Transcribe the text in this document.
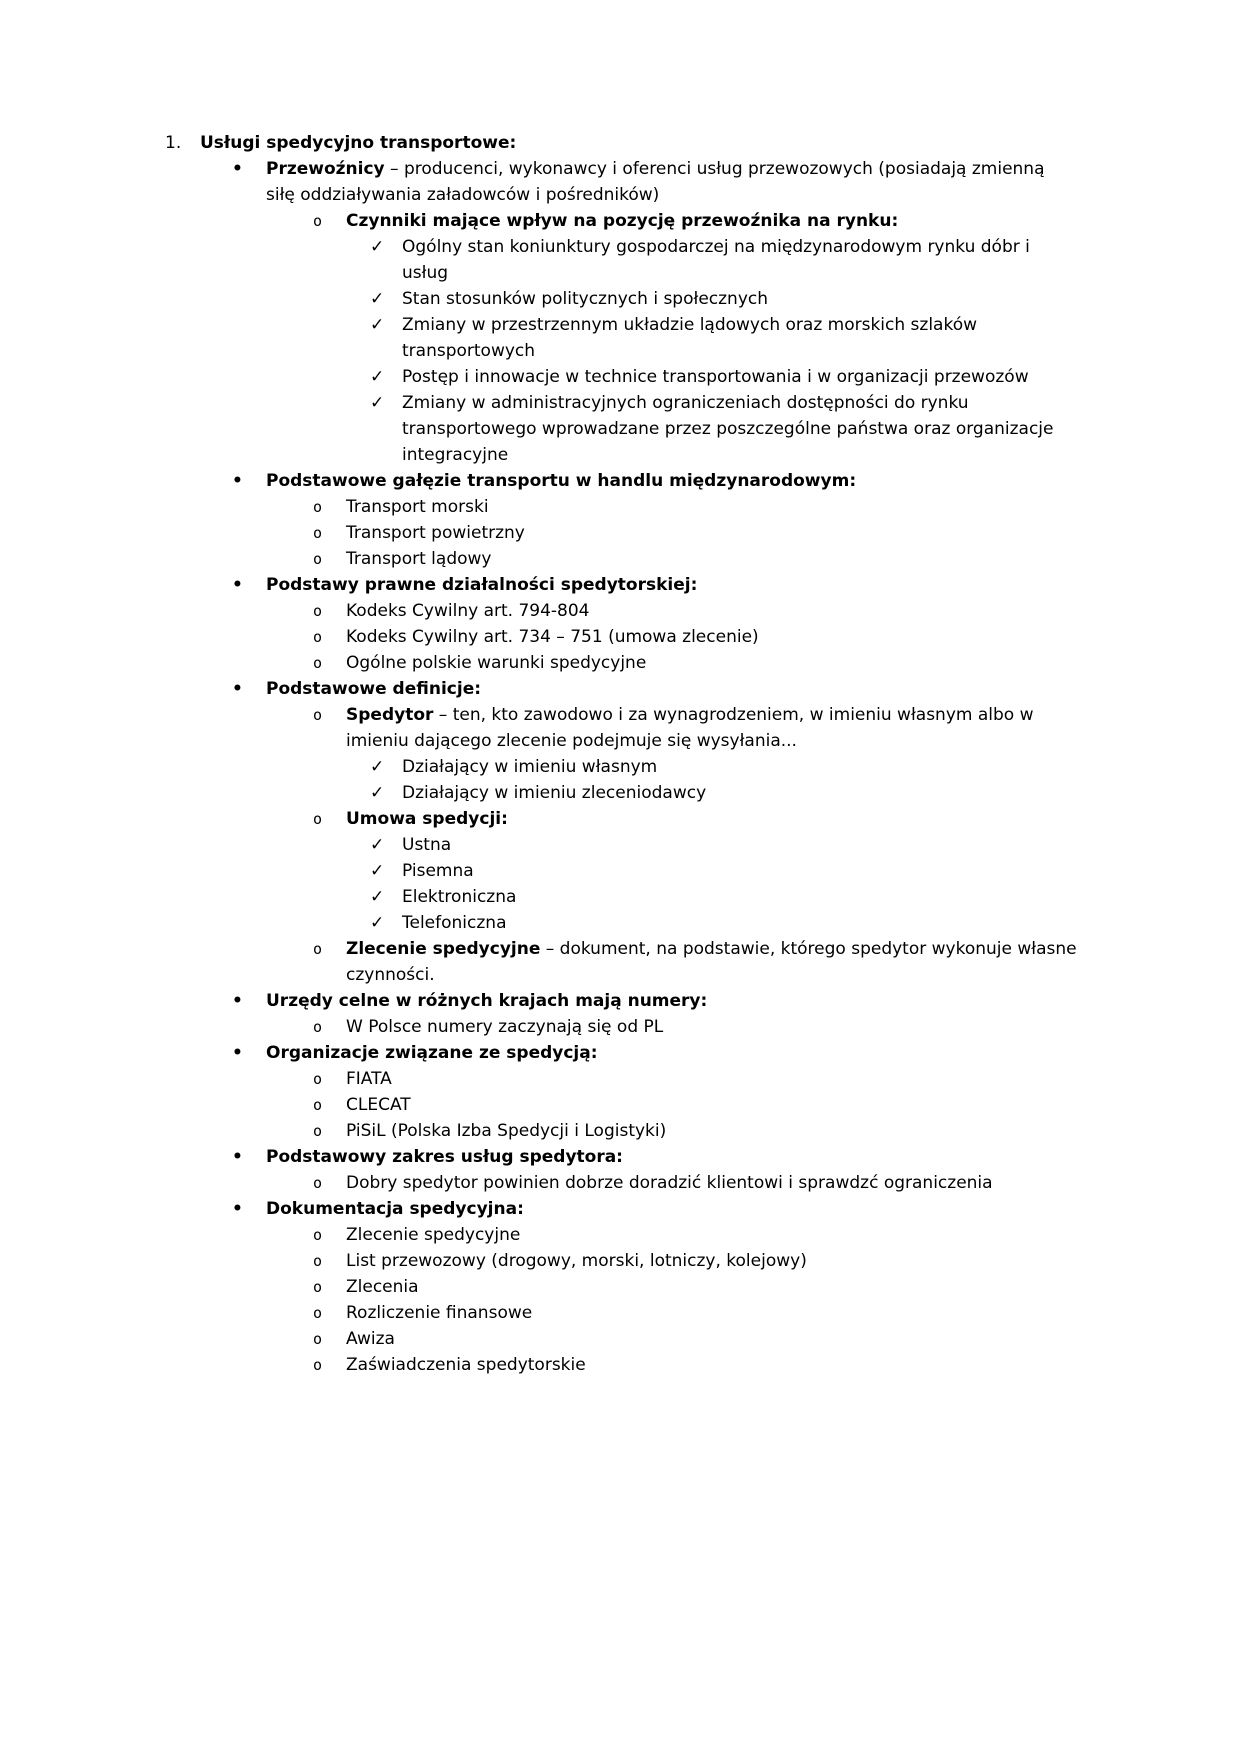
1.	Usługi spedycyjno transportowe:
•	Przewoźnicy – producenci, wykonawcy i oferenci usług przewozowych (posiadają zmienną siłę oddziaływania załadowców i pośredników)
o	Czynniki mające wpływ na pozycję przewoźnika na rynku:
✓	Ogólny stan koniunktury gospodarczej na międzynarodowym rynku dóbr i usług
✓	Stan stosunków politycznych i społecznych
✓	Zmiany w przestrzennym układzie lądowych oraz morskich szlaków transportowych
✓	Postęp i innowacje w technice transportowania i w organizacji przewozów
✓	Zmiany w administracyjnych ograniczeniach dostępności do rynku transportowego wprowadzane przez poszczególne państwa oraz organizacje integracyjne
•	Podstawowe gałęzie transportu w handlu międzynarodowym:
o	Transport morski
o	Transport powietrzny
o	Transport lądowy
•	Podstawy prawne działalności spedytorskiej:
o	Kodeks Cywilny art. 794-804
o	Kodeks Cywilny art. 734 – 751 (umowa zlecenie)
o	Ogólne polskie warunki spedycyjne
•	Podstawowe definicje:
o	Spedytor – ten, kto zawodowo i za wynagrodzeniem, w imieniu własnym albo w imieniu dającego zlecenie podejmuje się wysyłania...
✓	Działający w imieniu własnym
✓	Działający w imieniu zleceniodawcy
o	Umowa spedycji:
✓	Ustna
✓	Pisemna
✓	Elektroniczna
✓	Telefoniczna
o	Zlecenie spedycyjne – dokument, na podstawie, którego spedytor wykonuje własne czynności.
•	Urzędy celne w różnych krajach mają numery:
o	W Polsce numery zaczynają się od PL
•	Organizacje związane ze spedycją:
o	FIATA
o	CLECAT
o	PiSiL (Polska Izba Spedycji i Logistyki)
•	Podstawowy zakres usług spedytora:
o	Dobry spedytor powinien dobrze doradzić klientowi i sprawdzć ograniczenia
•	Dokumentacja spedycyjna:
o	Zlecenie spedycyjne
o	List przewozowy (drogowy, morski, lotniczy, kolejowy)
o	Zlecenia
o	Rozliczenie finansowe
o	Awiza
o	Zaświadczenia spedytorskie
